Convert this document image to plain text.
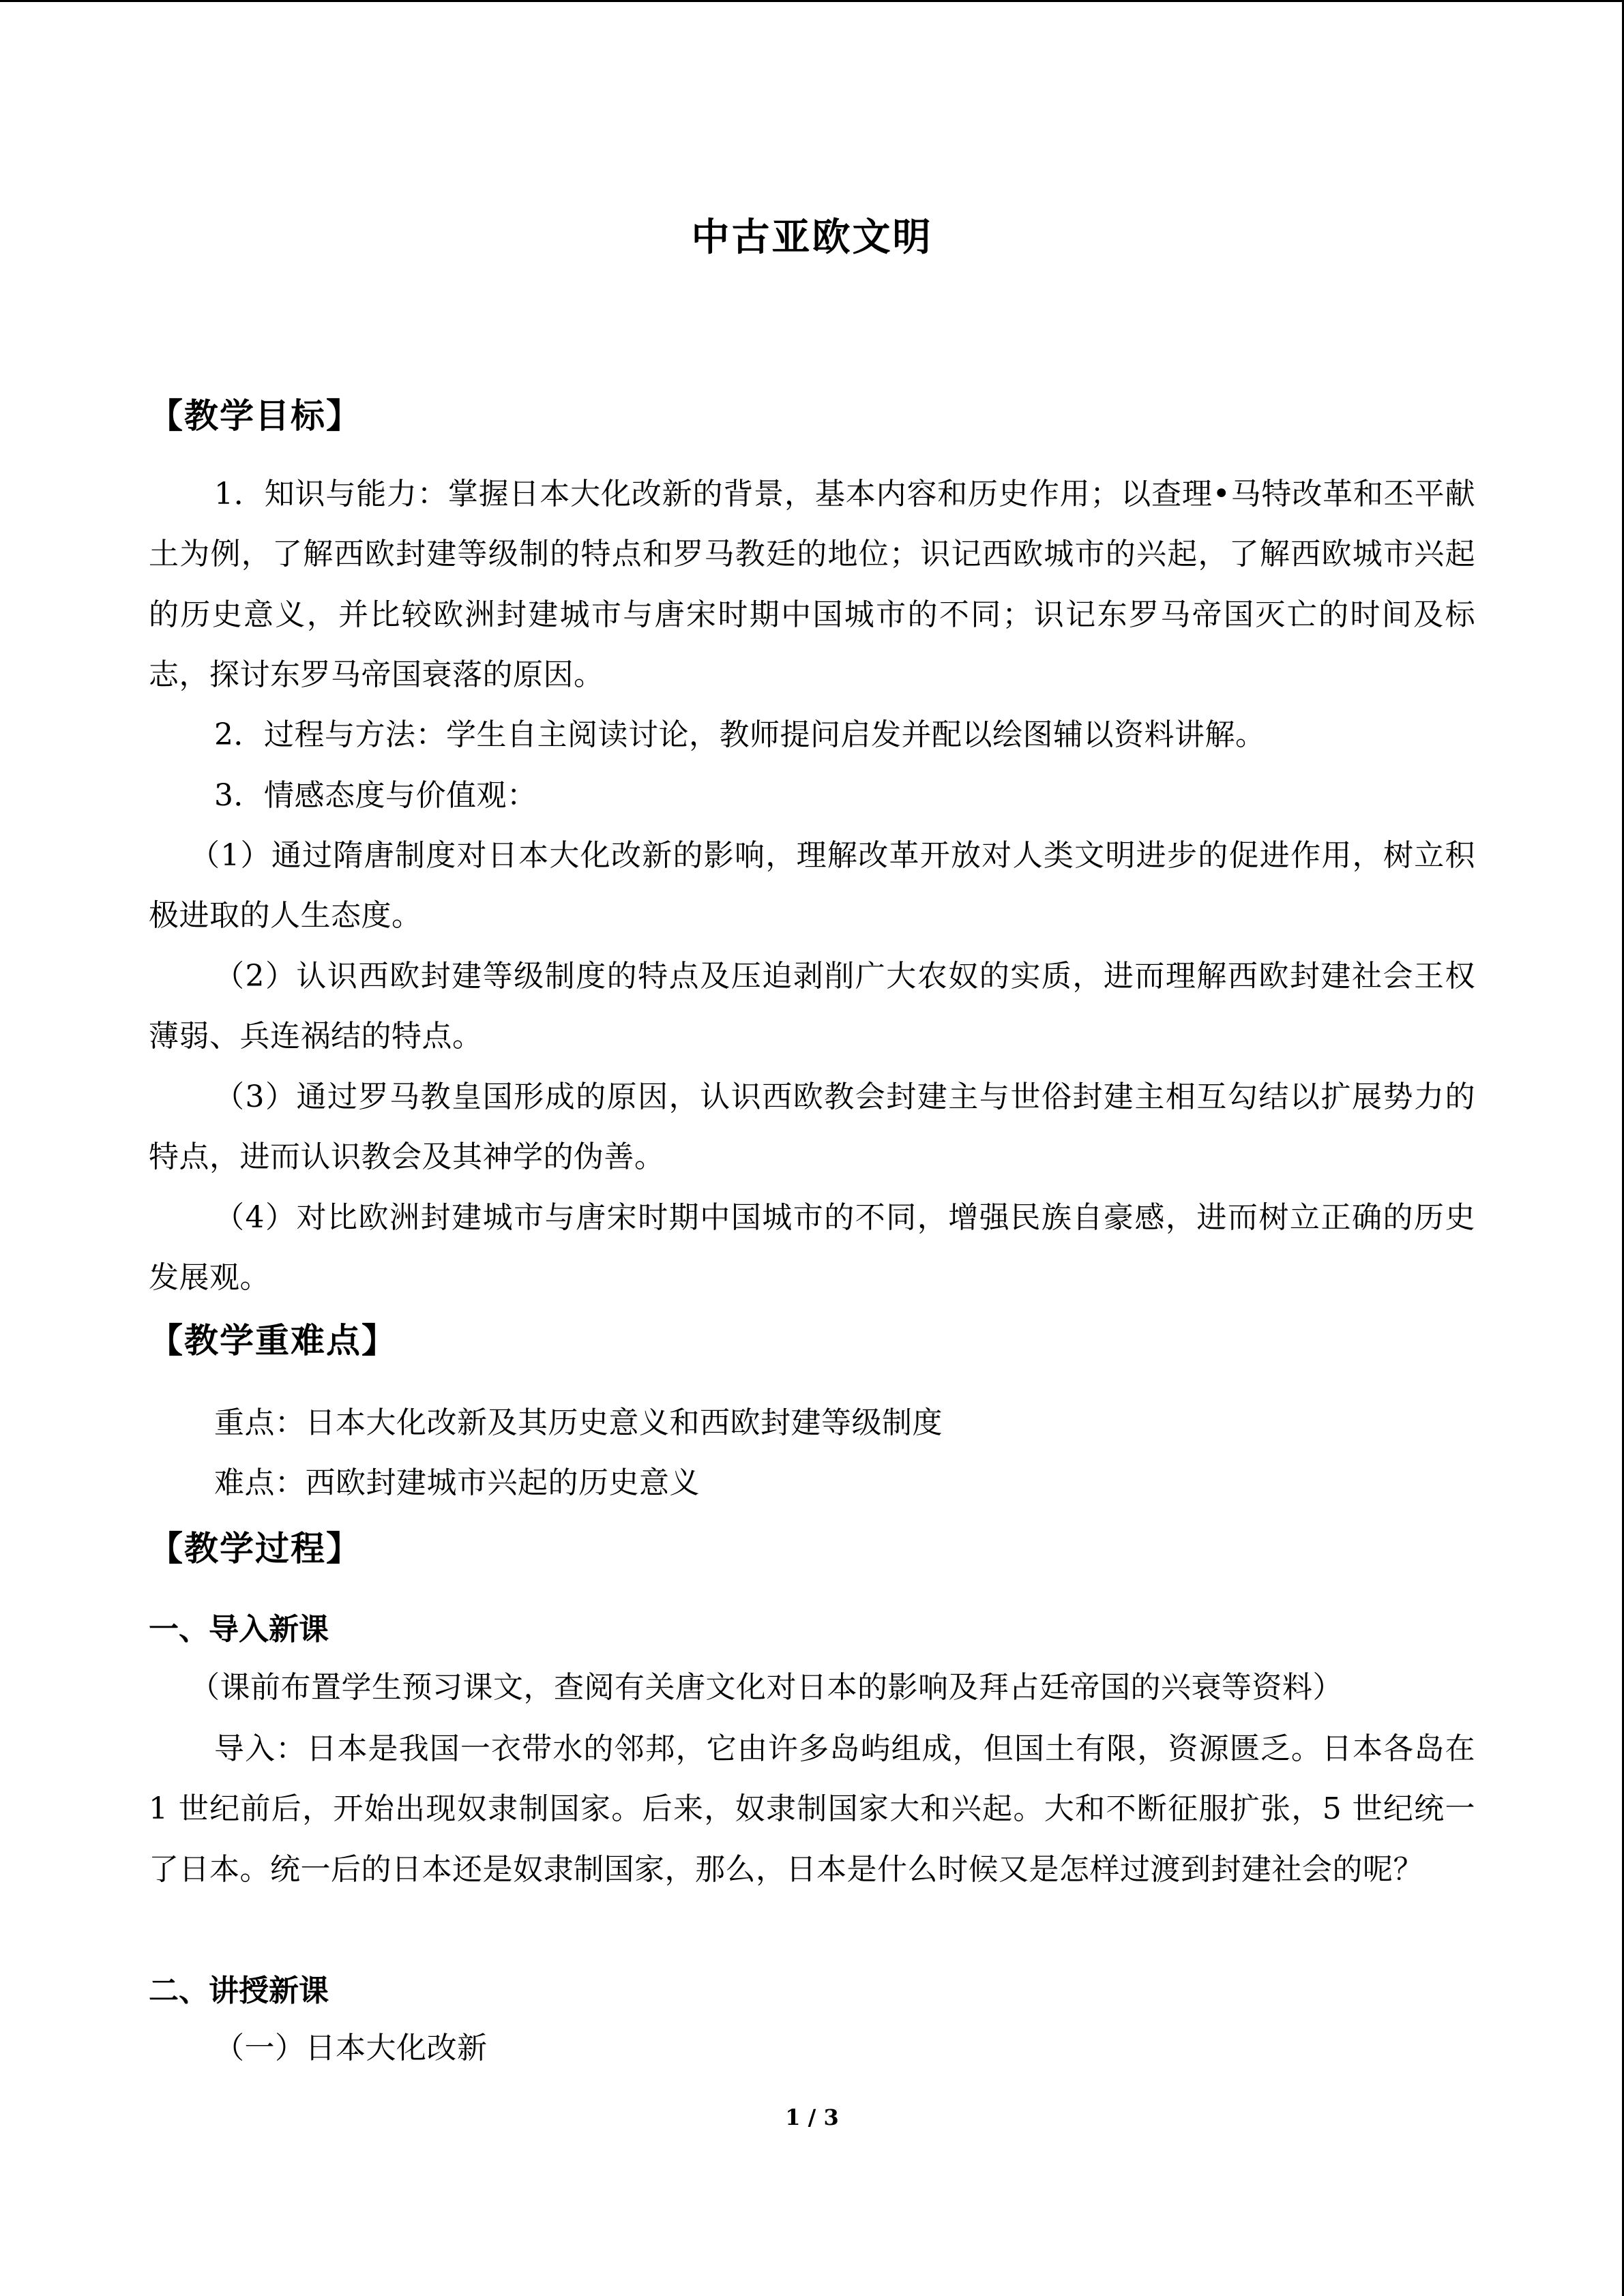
中古亚欧文明
【教学目标】
1．知识与能力：掌握日本大化改新的背景，基本内容和历史作用；以查理•马特改革和丕平献土为例，了解西欧封建等级制的特点和罗马教廷的地位；识记西欧城市的兴起，了解西欧城市兴起的历史意义，并比较欧洲封建城市与唐宋时期中国城市的不同；识记东罗马帝国灭亡的时间及标志，探讨东罗马帝国衰落的原因。
2．过程与方法：学生自主阅读讨论，教师提问启发并配以绘图辅以资料讲解。
3．情感态度与价值观：
（1）通过隋唐制度对日本大化改新的影响，理解改革开放对人类文明进步的促进作用，树立积极进取的人生态度。
（2）认识西欧封建等级制度的特点及压迫剥削广大农奴的实质，进而理解西欧封建社会王权薄弱、兵连祸结的特点。
（3）通过罗马教皇国形成的原因，认识西欧教会封建主与世俗封建主相互勾结以扩展势力的特点，进而认识教会及其神学的伪善。
（4）对比欧洲封建城市与唐宋时期中国城市的不同，增强民族自豪感，进而树立正确的历史发展观。
【教学重难点】
重点：日本大化改新及其历史意义和西欧封建等级制度
难点：西欧封建城市兴起的历史意义
【教学过程】
一、导入新课
（课前布置学生预习课文，查阅有关唐文化对日本的影响及拜占廷帝国的兴衰等资料）
导入：日本是我国一衣带水的邻邦，它由许多岛屿组成，但国土有限，资源匮乏。日本各岛在 1 世纪前后，开始出现奴隶制国家。后来，奴隶制国家大和兴起。大和不断征服扩张，5 世纪统一了日本。统一后的日本还是奴隶制国家，那么，日本是什么时候又是怎样过渡到封建社会的呢？
二、讲授新课
（一）日本大化改新
1 / 3
